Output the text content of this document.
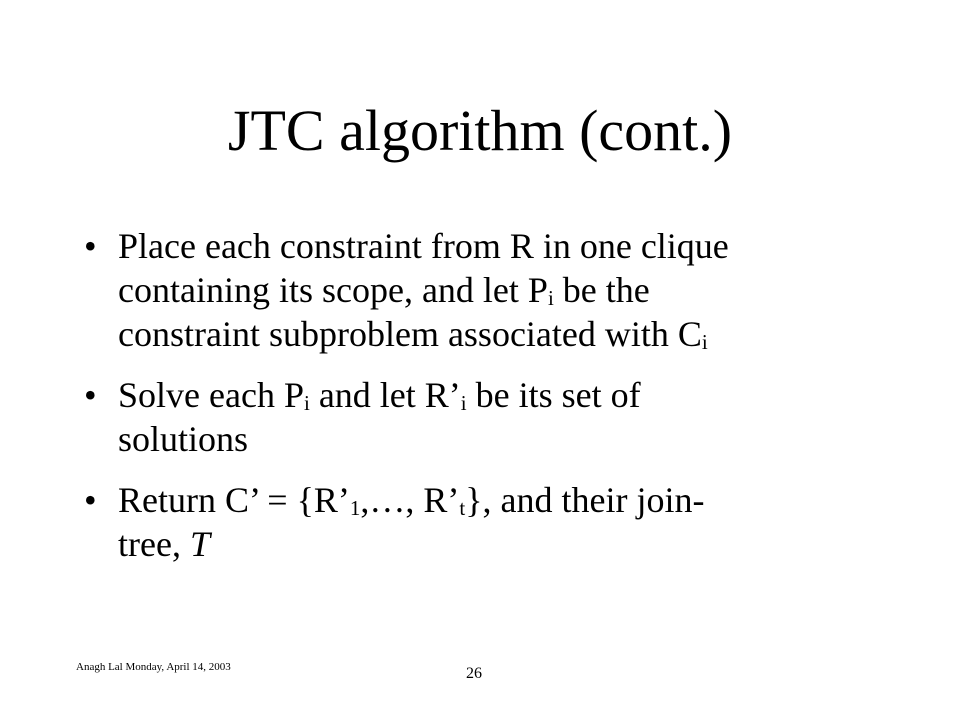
JTC algorithm (cont.)
• Place each constraint from R in one clique
containing its scope, and let $P_i$ be the
constraint subproblem associated with $C_i$
• Solve each $P_i$ and let $R’_i$ be its set of
solutions
• Return C’ = {$R’_1,\dots$, $R’_t$}, and their join-
tree, T
Anagh Lal Monday, April 14, 2003	26
